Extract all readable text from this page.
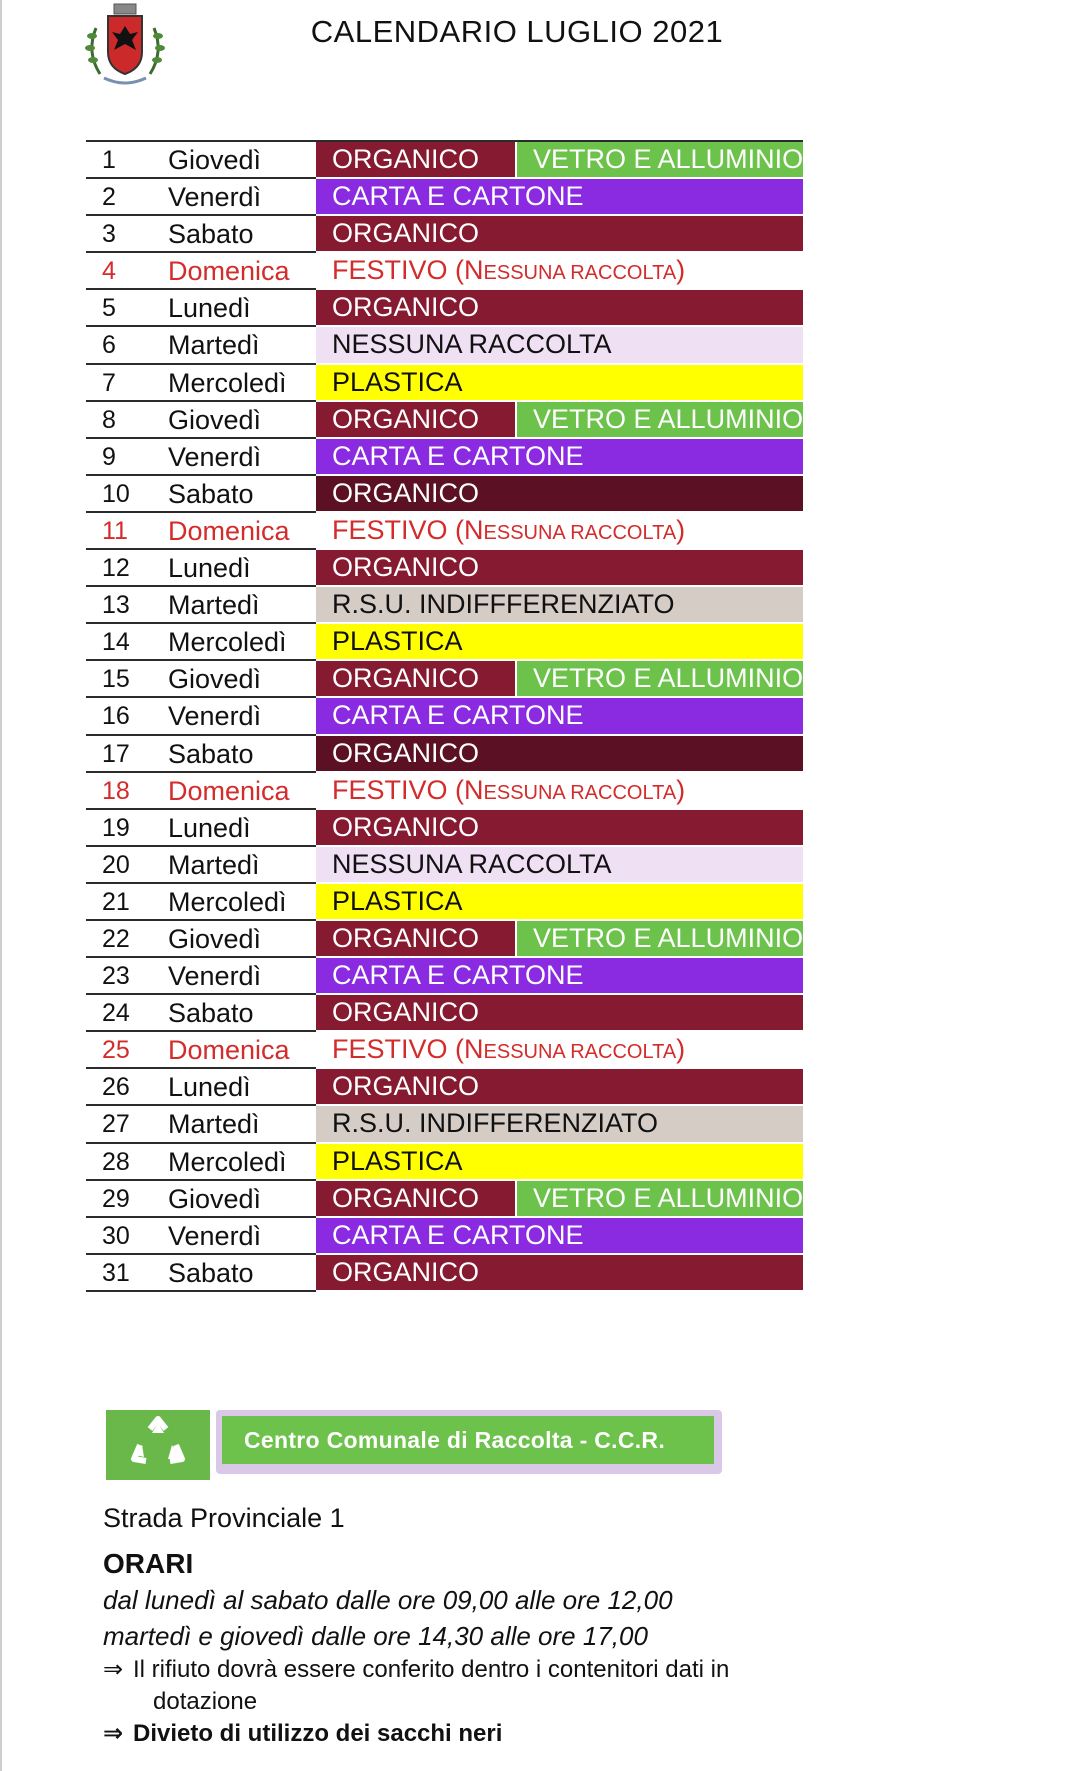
CALENDARIO LUGLIO 2021
1 Giovedì	ORGANICO	VETRO E ALLUMINIO
2 Venerdì	CARTA E CARTONE
3 Sabato	ORGANICO
4 Domenica	FESTIVO (NESSUNA RACCOLTA)
5 Lunedì	ORGANICO
6 Martedì	NESSUNA RACCOLTA
7 Mercoledì	PLASTICA
8 Giovedì	ORGANICO	VETRO E ALLUMINIO
9 Venerdì	CARTA E CARTONE
10 Sabato	ORGANICO
11 Domenica	FESTIVO (NESSUNA RACCOLTA)
12 Lunedì	ORGANICO
13 Martedì	R.S.U. INDIFFFERENZIATO
14 Mercoledì	PLASTICA
15 Giovedì	ORGANICO	VETRO E ALLUMINIO
16 Venerdì	CARTA E CARTONE
17 Sabato	ORGANICO
18 Domenica	FESTIVO (NESSUNA RACCOLTA)
19 Lunedì	ORGANICO
20 Martedì	NESSUNA RACCOLTA
21 Mercoledì	PLASTICA
22 Giovedì	ORGANICO	VETRO E ALLUMINIO
23 Venerdì	CARTA E CARTONE
24 Sabato	ORGANICO
25 Domenica	FESTIVO (NESSUNA RACCOLTA)
26 Lunedì	ORGANICO
27 Martedì	R.S.U. INDIFFERENZIATO
28 Mercoledì	PLASTICA
29 Giovedì	ORGANICO	VETRO E ALLUMINIO
30 Venerdì	CARTA E CARTONE
31 Sabato	ORGANICO
Centro Comunale di Raccolta - C.C.R.

Strada Provinciale 1

ORARI

dal lunedì al sabato dalle ore 09,00 alle ore 12,00

martedì e giovedì dalle ore 14,30 alle ore 17,00

⇒ Il rifiuto dovrà essere conferito dentro i contenitori dati in

dotazione

⇒ Divieto di utilizzo dei sacchi neri
